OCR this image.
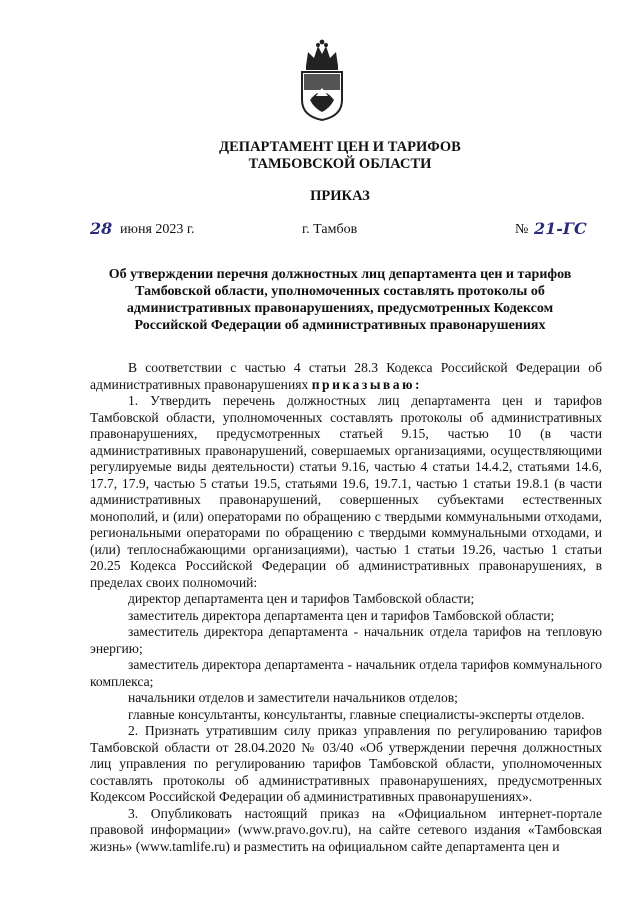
ДЕПАРТАМЕНТ ЦЕН И ТАРИФОВ
ТАМБОВСКОЙ ОБЛАСТИ
ПРИКАЗ
28 июня 2023 г.	г. Тамбов	№ 21-ГС
Об утверждении перечня должностных лиц департамента цен и тарифов Тамбовской области, уполномоченных составлять протоколы об административных правонарушениях, предусмотренных Кодексом Российской Федерации об административных правонарушениях

В соответствии с частью 4 статьи 28.3 Кодекса Российской Федерации об административных правонарушениях приказываю:

1. Утвердить перечень должностных лиц департамента цен и тарифов Тамбовской области, уполномоченных составлять протоколы об административных правонарушениях, предусмотренных статьей 9.15, частью 10 (в части административных правонарушений, совершаемых организациями, осуществляющими регулируемые виды деятельности) статьи 9.16, частью 4 статьи 14.4.2, статьями 14.6, 17.7, 17.9, частью 5 статьи 19.5, статьями 19.6, 19.7.1, частью 1 статьи 19.8.1 (в части административных правонарушений, совершенных субъектами естественных монополий, и (или) операторами по обращению с твердыми коммунальными отходами, региональными операторами по обращению с твердыми коммунальными отходами, и (или) теплоснабжающими организациями), частью 1 статьи 19.26, частью 1 статьи 20.25 Кодекса Российской Федерации об административных правонарушениях, в пределах своих полномочий:

директор департамента цен и тарифов Тамбовской области;

заместитель директора департамента цен и тарифов Тамбовской области;

заместитель директора департамента - начальник отдела тарифов на тепловую энергию;

заместитель директора департамента - начальник отдела тарифов коммунального комплекса;

начальники отделов и заместители начальников отделов;

главные консультанты, консультанты, главные специалисты-эксперты отделов.

2. Признать утратившим силу приказ управления по регулированию тарифов Тамбовской области от 28.04.2020 № 03/40 «Об утверждении перечня должностных лиц управления по регулированию тарифов Тамбовской области, уполномоченных составлять протоколы об административных правонарушениях, предусмотренных Кодексом Российской Федерации об административных правонарушениях».

3. Опубликовать настоящий приказ на «Официальном интернет-портале правовой информации» (www.pravo.gov.ru), на сайте сетевого издания «Тамбовская жизнь» (www.tamlife.ru) и разместить на официальном сайте департамента цен и
